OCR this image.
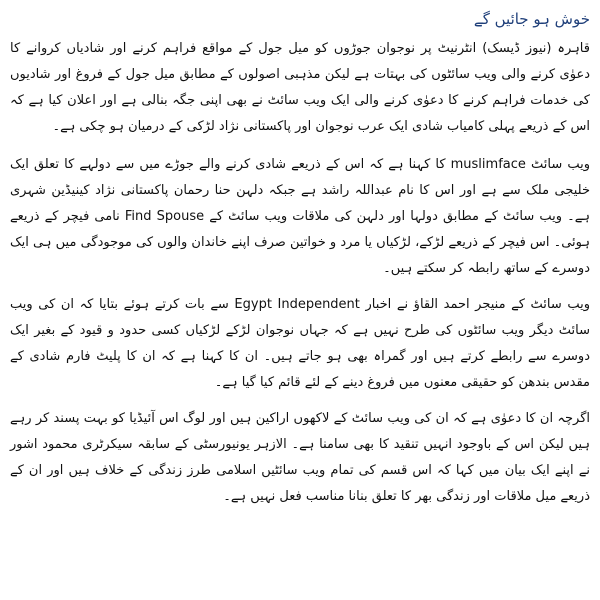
خوش ہو جائیں گے

قاہرہ (نیوز ڈیسک) انٹرنیٹ پر نوجوان جوڑوں کو میل جول کے مواقع فراہم کرنے اور شادیاں کروانے کا دعوٰی کرنے والی ویب سائٹوں کی بہتات ہے لیکن مذہبی اصولوں کے مطابق میل جول کے فروغ اور شادیوں کی خدمات فراہم کرنے کا دعوٰی کرنے والی ایک ویب سائٹ نے بھی اپنی جگہ بنالی ہے اور اعلان کیا ہے کہ اس کے ذریعے پہلی کامیاب شادی ایک عرب نوجوان اور پاکستانی نژاد لڑکی کے درمیان ہو چکی ہے۔

ویب سائٹ muslimface کا کہنا ہے کہ اس کے ذریعے شادی کرنے والے جوڑے میں سے دولہے کا تعلق ایک خلیجی ملک سے ہے اور اس کا نام عبداللہ راشد ہے جبکہ دلہن حنا رحمان پاکستانی نژاد کینیڈین شہری ہے۔ ویب سائٹ کے مطابق دولہا اور دلہن کی ملاقات ویب سائٹ کے Find Spouse نامی فیچر کے ذریعے ہوئی۔ اس فیچر کے ذریعے لڑکے، لڑکیاں یا مرد و خواتین صرف اپنے خاندان والوں کی موجودگی میں ہی ایک دوسرے کے ساتھ رابطہ کر سکتے ہیں۔

ویب سائٹ کے منیجر احمد القاؤ نے اخبار Egypt Independent سے بات کرتے ہوئے بتایا کہ ان کی ویب سائٹ دیگر ویب سائٹوں کی طرح نہیں ہے کہ جہاں نوجوان لڑکے لڑکیاں کسی حدود و قیود کے بغیر ایک دوسرے سے رابطے کرتے ہیں اور گمراہ بھی ہو جاتے ہیں۔ ان کا کہنا ہے کہ ان کا پلیٹ فارم شادی کے مقدس بندھن کو حقیقی معنوں میں فروغ دینے کے لئے قائم کیا گیا ہے۔

اگرچہ ان کا دعوٰی ہے کہ ان کی ویب سائٹ کے لاکھوں اراکین ہیں اور لوگ اس آئیڈیا کو بہت پسند کر رہے ہیں لیکن اس کے باوجود انہیں تنقید کا بھی سامنا ہے۔ الازہر یونیورسٹی کے سابقہ سیکرٹری محمود اشور نے اپنے ایک بیان میں کہا کہ اس قسم کی تمام ویب سائٹیں اسلامی طرز زندگی کے خلاف ہیں اور ان کے ذریعے میل ملاقات اور زندگی بھر کا تعلق بنانا مناسب فعل نہیں ہے۔
